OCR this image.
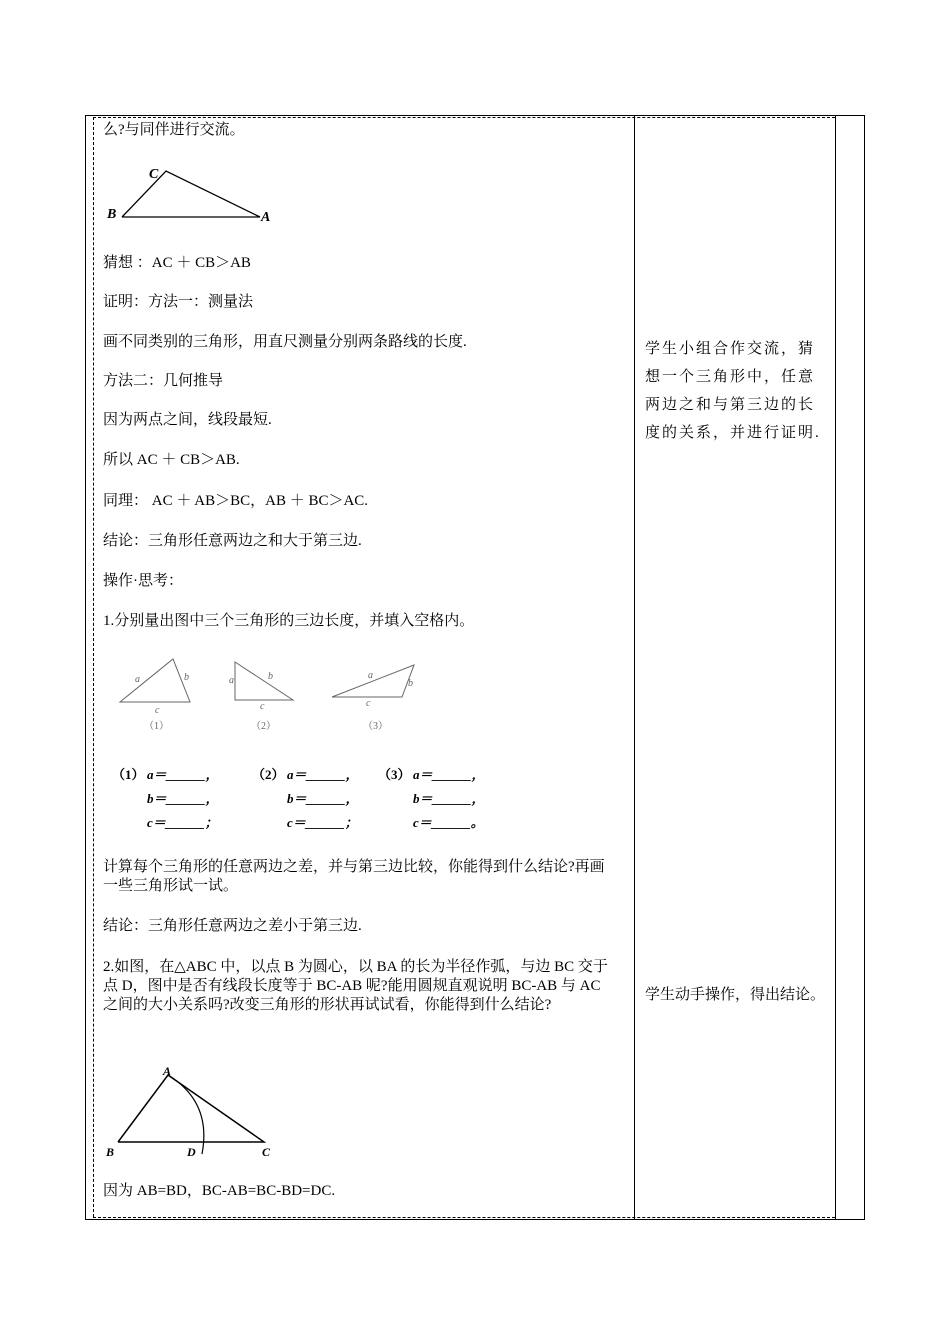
么?与同伴进行交流。
C
B	A
猜想 ：AC ＋ CB＞AB
证明：方法一：测量法
画不同类别的三角形，用直尺测量分别两条路线的长度.
方法二：几何推导
因为两点之间，线段最短.
所以 AC ＋ CB＞AB.
同理： AC ＋ AB＞BC，AB ＋ BC＞AC.
结论：三角形任意两边之和大于第三边.
操作·思考：
1.分别量出图中三个三角形的三边长度，并填入空格内。
a	b
c
a	b
c
a
b
c
（1）	（2）	（3）
（1） a＝______，
b＝______，
c＝______；
（2） a＝______，
b＝______，
c＝______；
（3） a＝______，
b＝______，
c＝______。
计算每个三角形的任意两边之差，并与第三边比较，你能得到什么结论?再画一些三角形试一试。
结论：三角形任意两边之差小于第三边.
2.如图，在△ABC 中，以点 B 为圆心，以 BA 的长为半径作弧，与边 BC 交于点 D，图中是否有线段长度等于 BC-AB 呢?能用圆规直观说明 BC-AB 与 AC 之间的大小关系吗?改变三角形的形状再试试看，你能得到什么结论?
A
B	D	C
因为 AB=BD，BC-AB=BC-BD=DC.
学生小组合作交流，猜想一个三角形中，任意两边之和与第三边的长度的关系，并进行证明.
学生动手操作，得出结论。
